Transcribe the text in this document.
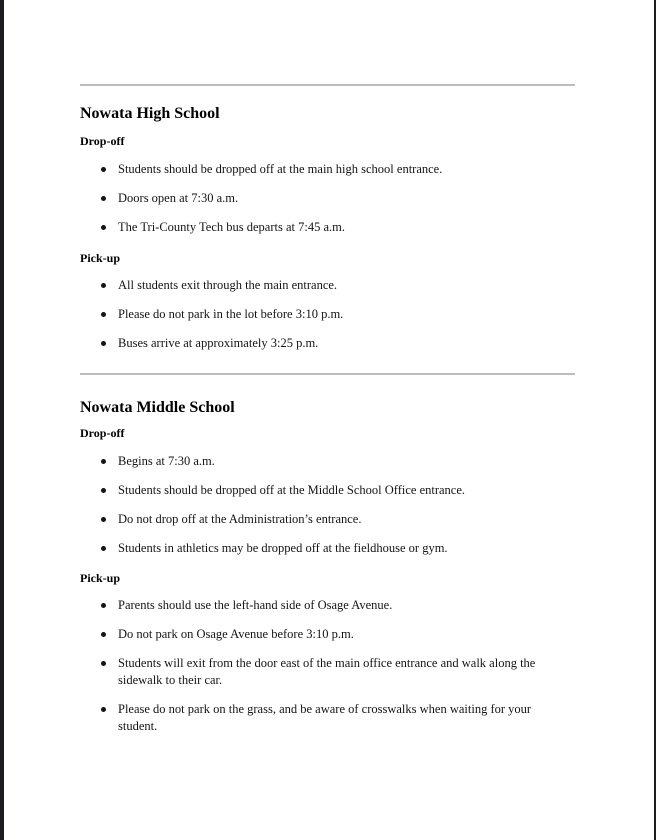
Nowata High School
Drop-off
Students should be dropped off at the main high school entrance.
Doors open at 7:30 a.m.
The Tri-County Tech bus departs at 7:45 a.m.
Pick-up
All students exit through the main entrance.
Please do not park in the lot before 3:10 p.m.
Buses arrive at approximately 3:25 p.m.
Nowata Middle School
Drop-off
Begins at 7:30 a.m.
Students should be dropped off at the Middle School Office entrance.
Do not drop off at the Administration’s entrance.
Students in athletics may be dropped off at the fieldhouse or gym.
Pick-up
Parents should use the left-hand side of Osage Avenue.
Do not park on Osage Avenue before 3:10 p.m.
Students will exit from the door east of the main office entrance and walk along the sidewalk to their car.
Please do not park on the grass, and be aware of crosswalks when waiting for your student.
